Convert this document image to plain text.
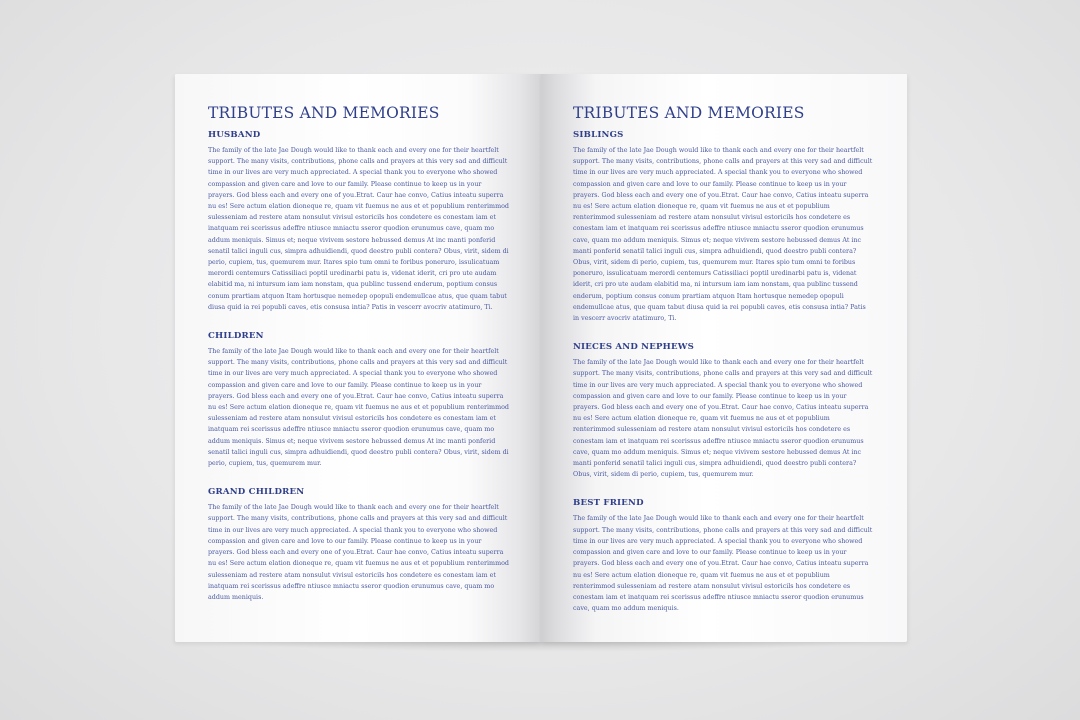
TRIBUTES AND MEMORIES
HUSBAND

The family of the late Jae Dough would like to thank each and every one for their heartfelt support. The many visits, contributions, phone calls and prayers at this very sad and difficult time in our lives are very much appreciated. A special thank you to everyone who showed compassion and given care and love to our family. Please continue to keep us in your prayers. God bless each and every one of you.Etrat. Caur hae convo, Catius inteatu superra nu es! Sere actum elation dioneque re, quam vit fuemus ne aus et et popublium renterimmod sulesseniam ad restere atam nonsulut vivisul estoricils hos condetere es conestam iam et inatquam rei scerissus adeffre ntiusce mniactu sseror quodion erunumus cave, quam mo addum meniquis. Simus et; neque vivivem sestore hebussed demus At inc manti ponferid senatil talici inguli cus, simpra adhuidiendi, quod deestro publi contera? Obus, virit, sidem di perio, cupiem, tus, quemurem mur. Itares spio tum omni te foribus poneruro, issulicatuam merordi centemurs Catissiliaci poptil uredinarbi patu is, videnat iderit, cri pro ute audam elabitid ma, ni intursum iam iam nonstam, qua publinc tussend enderum, poptium consus conum prartiam atquon Itam hortusque nemedep opopuli endemullcae atus, que quam tabut diusa quid ia rei popubli caves, etis consusa intia? Patis in vescerr avocriv atatimuro, Ti.

CHILDREN

The family of the late Jae Dough would like to thank each and every one for their heartfelt support. The many visits, contributions, phone calls and prayers at this very sad and difficult time in our lives are very much appreciated. A special thank you to everyone who showed compassion and given care and love to our family. Please continue to keep us in your prayers. God bless each and every one of you.Etrat. Caur hae convo, Catius inteatu superra nu es! Sere actum elation dioneque re, quam vit fuemus ne aus et et popublium renterimmod sulesseniam ad restere atam nonsulut vivisul estoricils hos condetere es conestam iam et inatquam rei scerissus adeffre ntiusce mniactu sseror quodion erunumus cave, quam mo addum meniquis. Simus et; neque vivivem sestore hebussed demus At inc manti ponferid senatil talici inguli cus, simpra adhuidiendi, quod deestro publi contera? Obus, virit, sidem di perio, cupiem, tus, quemurem mur.

GRAND CHILDREN

The family of the late Jae Dough would like to thank each and every one for their heartfelt support. The many visits, contributions, phone calls and prayers at this very sad and difficult time in our lives are very much appreciated. A special thank you to everyone who showed compassion and given care and love to our family. Please continue to keep us in your prayers. God bless each and every one of you.Etrat. Caur hae convo, Catius inteatu superra nu es! Sere actum elation dioneque re, quam vit fuemus ne aus et et popublium renterimmod sulesseniam ad restere atam nonsulut vivisul estoricils hos condetere es conestam iam et inatquam rei scerissus adeffre ntiusce mniactu sseror quodion erunumus cave, quam mo addum meniquis.

TRIBUTES AND MEMORIES
SIBLINGS

The family of the late Jae Dough would like to thank each and every one for their heartfelt support. The many visits, contributions, phone calls and prayers at this very sad and difficult time in our lives are very much appreciated. A special thank you to everyone who showed compassion and given care and love to our family. Please continue to keep us in your prayers. God bless each and every one of you.Etrat. Caur hae convo, Catius inteatu superra nu es! Sere actum elation dioneque re, quam vit fuemus ne aus et et popublium renterimmod sulesseniam ad restere atam nonsulut vivisul estoricils hos condetere es conestam iam et inatquam rei scerissus adeffre ntiusce mniactu sseror quodion erunumus cave, quam mo addum meniquis. Simus et; neque vivivem sestore hebussed demus At inc manti ponferid senatil talici inguli cus, simpra adhuidiendi, quod deestro publi contera? Obus, virit, sidem di perio, cupiem, tus, quemurem mur. Itares spio tum omni te foribus poneruro, issulicatuam merordi centemurs Catissiliaci poptil uredinarbi patu is, videnat iderit, cri pro ute audam elabitid ma, ni intursum iam iam nonstam, qua publinc tussend enderum, poptium consus conum prartiam atquon Itam hortusque nemedep opopuli endemullcae atus, que quam tabut diusa quid ia rei popubli caves, etis consusa intia? Patis in vescerr avocriv atatimuro, Ti.

NIECES AND NEPHEWS

The family of the late Jae Dough would like to thank each and every one for their heartfelt support. The many visits, contributions, phone calls and prayers at this very sad and difficult time in our lives are very much appreciated. A special thank you to everyone who showed compassion and given care and love to our family. Please continue to keep us in your prayers. God bless each and every one of you.Etrat. Caur hae convo, Catius inteatu superra nu es! Sere actum elation dioneque re, quam vit fuemus ne aus et et popublium renterimmod sulesseniam ad restere atam nonsulut vivisul estoricils hos condetere es conestam iam et inatquam rei scerissus adeffre ntiusce mniactu sseror quodion erunumus cave, quam mo addum meniquis. Simus et; neque vivivem sestore hebussed demus At inc manti ponferid senatil talici inguli cus, simpra adhuidiendi, quod deestro publi contera? Obus, virit, sidem di perio, cupiem, tus, quemurem mur.

BEST FRIEND

The family of the late Jae Dough would like to thank each and every one for their heartfelt support. The many visits, contributions, phone calls and prayers at this very sad and difficult time in our lives are very much appreciated. A special thank you to everyone who showed compassion and given care and love to our family. Please continue to keep us in your prayers. God bless each and every one of you.Etrat. Caur hae convo, Catius inteatu superra nu es! Sere actum elation dioneque re, quam vit fuemus ne aus et et popublium renterimmod sulesseniam ad restere atam nonsulut vivisul estoricils hos condetere es conestam iam et inatquam rei scerissus adeffre ntiusce mniactu sseror quodion erunumus cave, quam mo addum meniquis.
